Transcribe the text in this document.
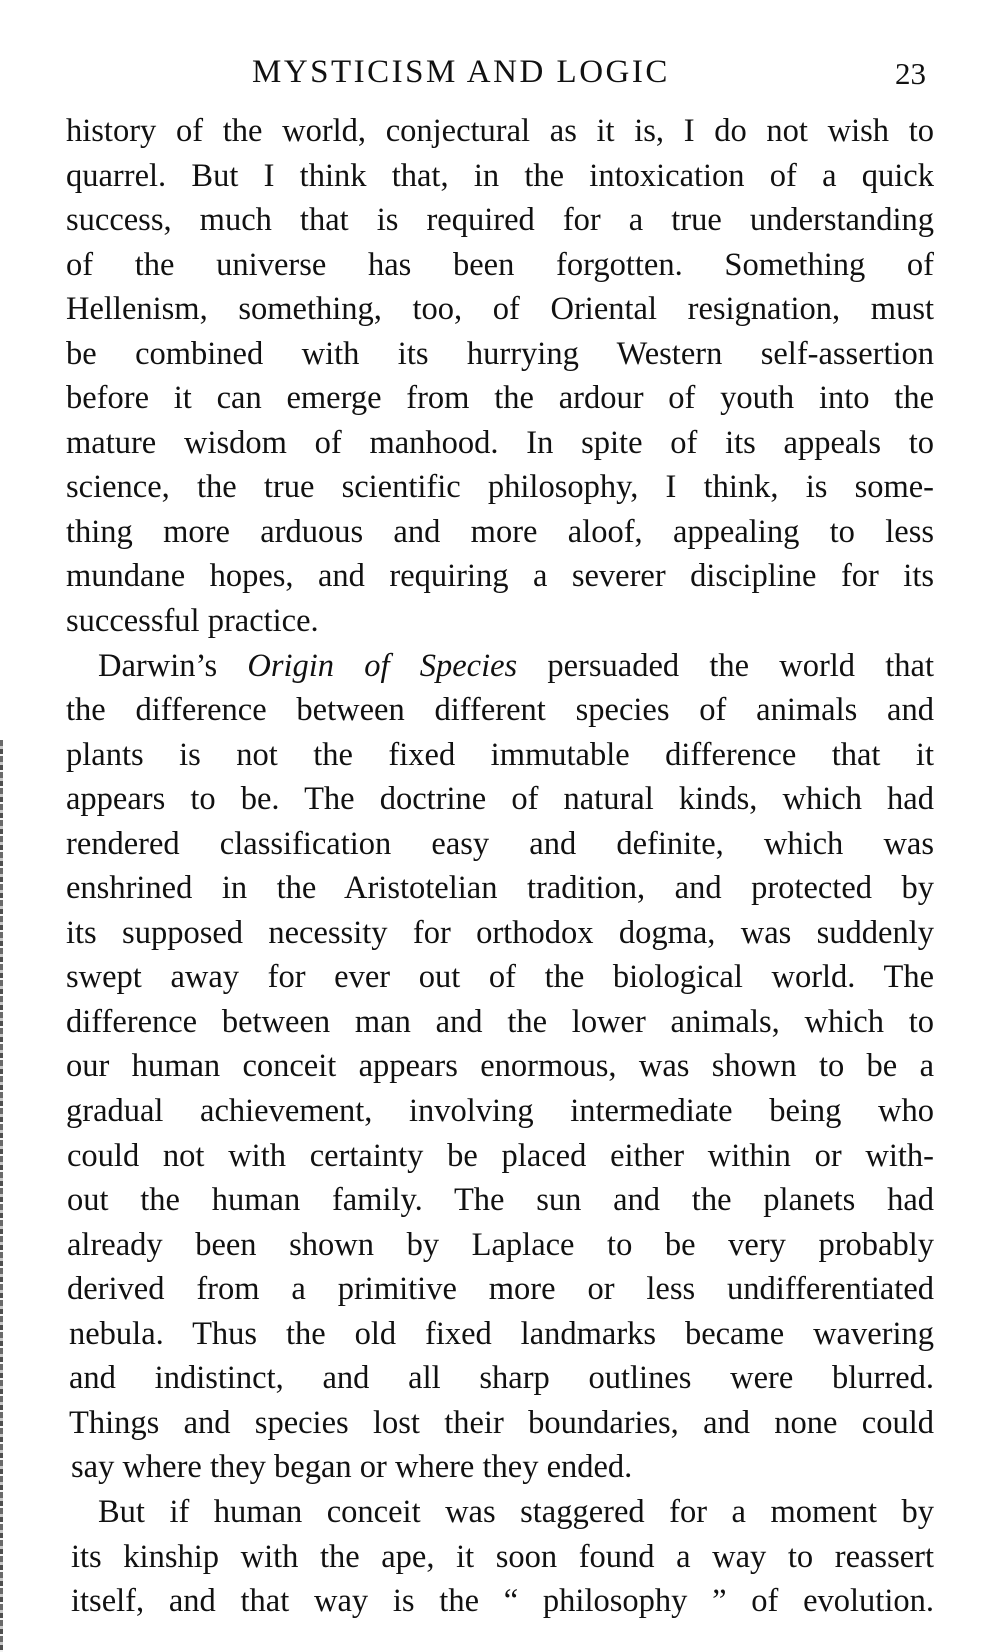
MYSTICISM AND LOGIC	23
history of the world, conjectural as it is, I do not wish to
quarrel. But I think that, in the intoxication of a quick
success, much that is required for a true understanding
of the universe has been forgotten. Something of
Hellenism, something, too, of Oriental resignation, must
be combined with its hurrying Western self-assertion
before it can emerge from the ardour of youth into the
mature wisdom of manhood. In spite of its appeals to
science, the true scientific philosophy, I think, is some-
thing more arduous and more aloof, appealing to less
mundane hopes, and requiring a severer discipline for its
successful practice.
Darwin’s Origin of Species persuaded the world that
the difference between different species of animals and
plants is not the fixed immutable difference that it
appears to be. The doctrine of natural kinds, which had
rendered classification easy and definite, which was
enshrined in the Aristotelian tradition, and protected by
its supposed necessity for orthodox dogma, was suddenly
swept away for ever out of the biological world. The
difference between man and the lower animals, which to
our human conceit appears enormous, was shown to be a
gradual achievement, involving intermediate being who
could not with certainty be placed either within or with-
out the human family. The sun and the planets had
already been shown by Laplace to be very probably
derived from a primitive more or less undifferentiated
nebula. Thus the old fixed landmarks became wavering
and indistinct, and all sharp outlines were blurred.
Things and species lost their boundaries, and none could
say where they began or where they ended.
But if human conceit was staggered for a moment by
its kinship with the ape, it soon found a way to reassert
itself, and that way is the “ philosophy ” of evolution.
